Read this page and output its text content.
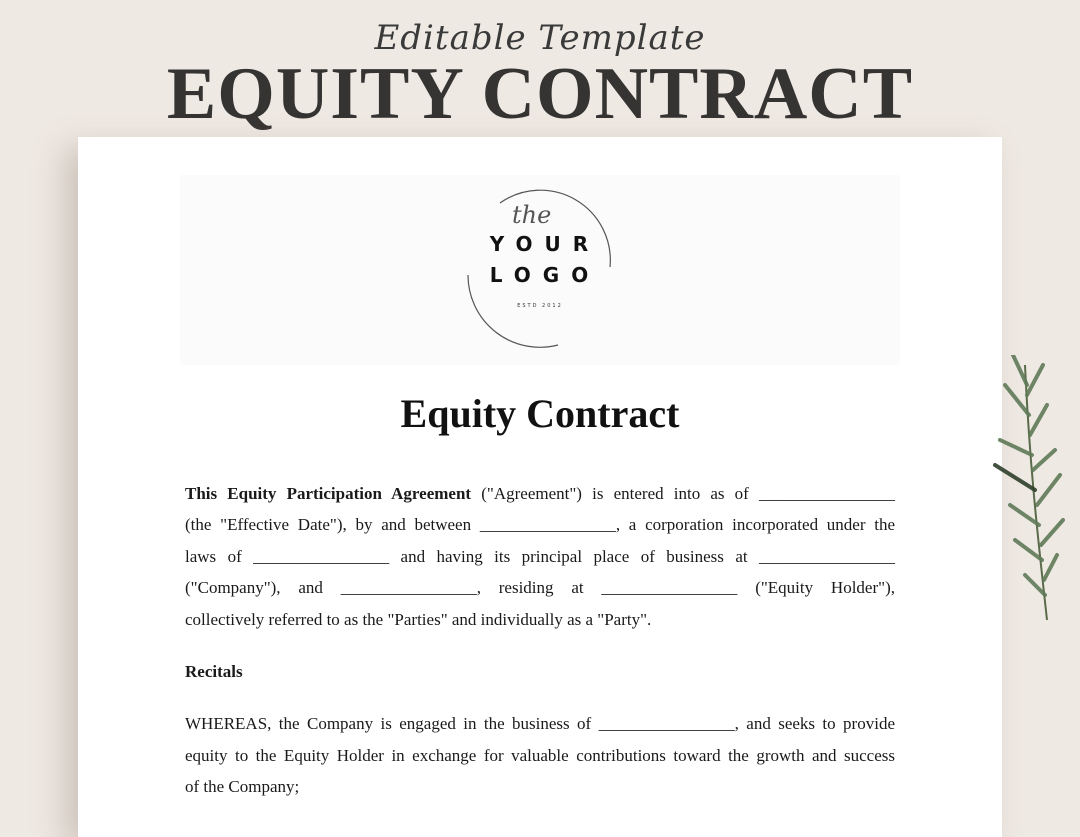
Editable Template
EQUITY CONTRACT
the
YOUR
LOGO
ESTD 2012
Equity Contract
This Equity Participation Agreement ("Agreement") is entered into as of ________________
(the "Effective Date"), by and between ________________, a corporation incorporated under the
laws of ________________ and having its principal place of business at ________________
("Company"), and ________________, residing at ________________ ("Equity Holder"),
collectively referred to as the "Parties" and individually as a "Party".
Recitals
WHEREAS, the Company is engaged in the business of ________________, and seeks to provide
equity to the Equity Holder in exchange for valuable contributions toward the growth and success
of the Company;
